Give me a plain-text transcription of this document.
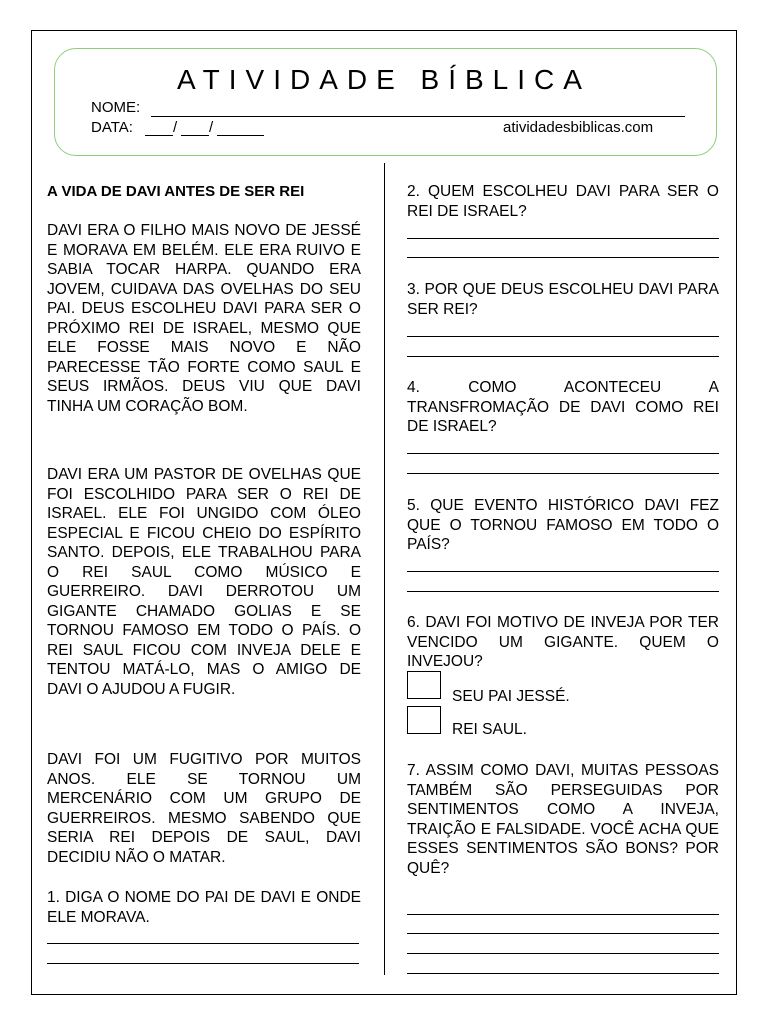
ATIVIDADE BÍBLICA
NOME:
DATA:	/ /	atividadesbiblicas.com
A VIDA DE DAVI ANTES DE SER REI
DAVI ERA O FILHO MAIS NOVO DE JESSÉ E MORAVA EM BELÉM. ELE ERA RUIVO E SABIA TOCAR HARPA. QUANDO ERA JOVEM, CUIDAVA DAS OVELHAS DO SEU PAI. DEUS ESCOLHEU DAVI PARA SER O PRÓXIMO REI DE ISRAEL, MESMO QUE ELE FOSSE MAIS NOVO E NÃO PARECESSE TÃO FORTE COMO SAUL E SEUS IRMÃOS. DEUS VIU QUE DAVI TINHA UM CORAÇÃO BOM.
DAVI ERA UM PASTOR DE OVELHAS QUE FOI ESCOLHIDO PARA SER O REI DE ISRAEL. ELE FOI UNGIDO COM ÓLEO ESPECIAL E FICOU CHEIO DO ESPÍRITO SANTO. DEPOIS, ELE TRABALHOU PARA O REI SAUL COMO MÚSICO E GUERREIRO. DAVI DERROTOU UM GIGANTE CHAMADO GOLIAS E SE TORNOU FAMOSO EM TODO O PAÍS. O REI SAUL FICOU COM INVEJA DELE E TENTOU MATÁ-LO, MAS O AMIGO DE DAVI O AJUDOU A FUGIR.
DAVI FOI UM FUGITIVO POR MUITOS ANOS. ELE SE TORNOU UM MERCENÁRIO COM UM GRUPO DE GUERREIROS. MESMO SABENDO QUE SERIA REI DEPOIS DE SAUL, DAVI DECIDIU NÃO O MATAR.
1. DIGA O NOME DO PAI DE DAVI E ONDE ELE MORAVA.
2. QUEM ESCOLHEU DAVI PARA SER O REI DE ISRAEL?
3. POR QUE DEUS ESCOLHEU DAVI PARA SER REI?
4. COMO ACONTECEU A TRANSFROMAÇÃO DE DAVI COMO REI DE ISRAEL?
5. QUE EVENTO HISTÓRICO DAVI FEZ QUE O TORNOU FAMOSO EM TODO O PAÍS?
6. DAVI FOI MOTIVO DE INVEJA POR TER VENCIDO UM GIGANTE. QUEM O INVEJOU?
SEU PAI JESSÉ.
REI SAUL.
7. ASSIM COMO DAVI, MUITAS PESSOAS TAMBÉM SÃO PERSEGUIDAS POR SENTIMENTOS COMO A INVEJA, TRAIÇÃO E FALSIDADE. VOCÊ ACHA QUE ESSES SENTIMENTOS SÃO BONS? POR QUÊ?
